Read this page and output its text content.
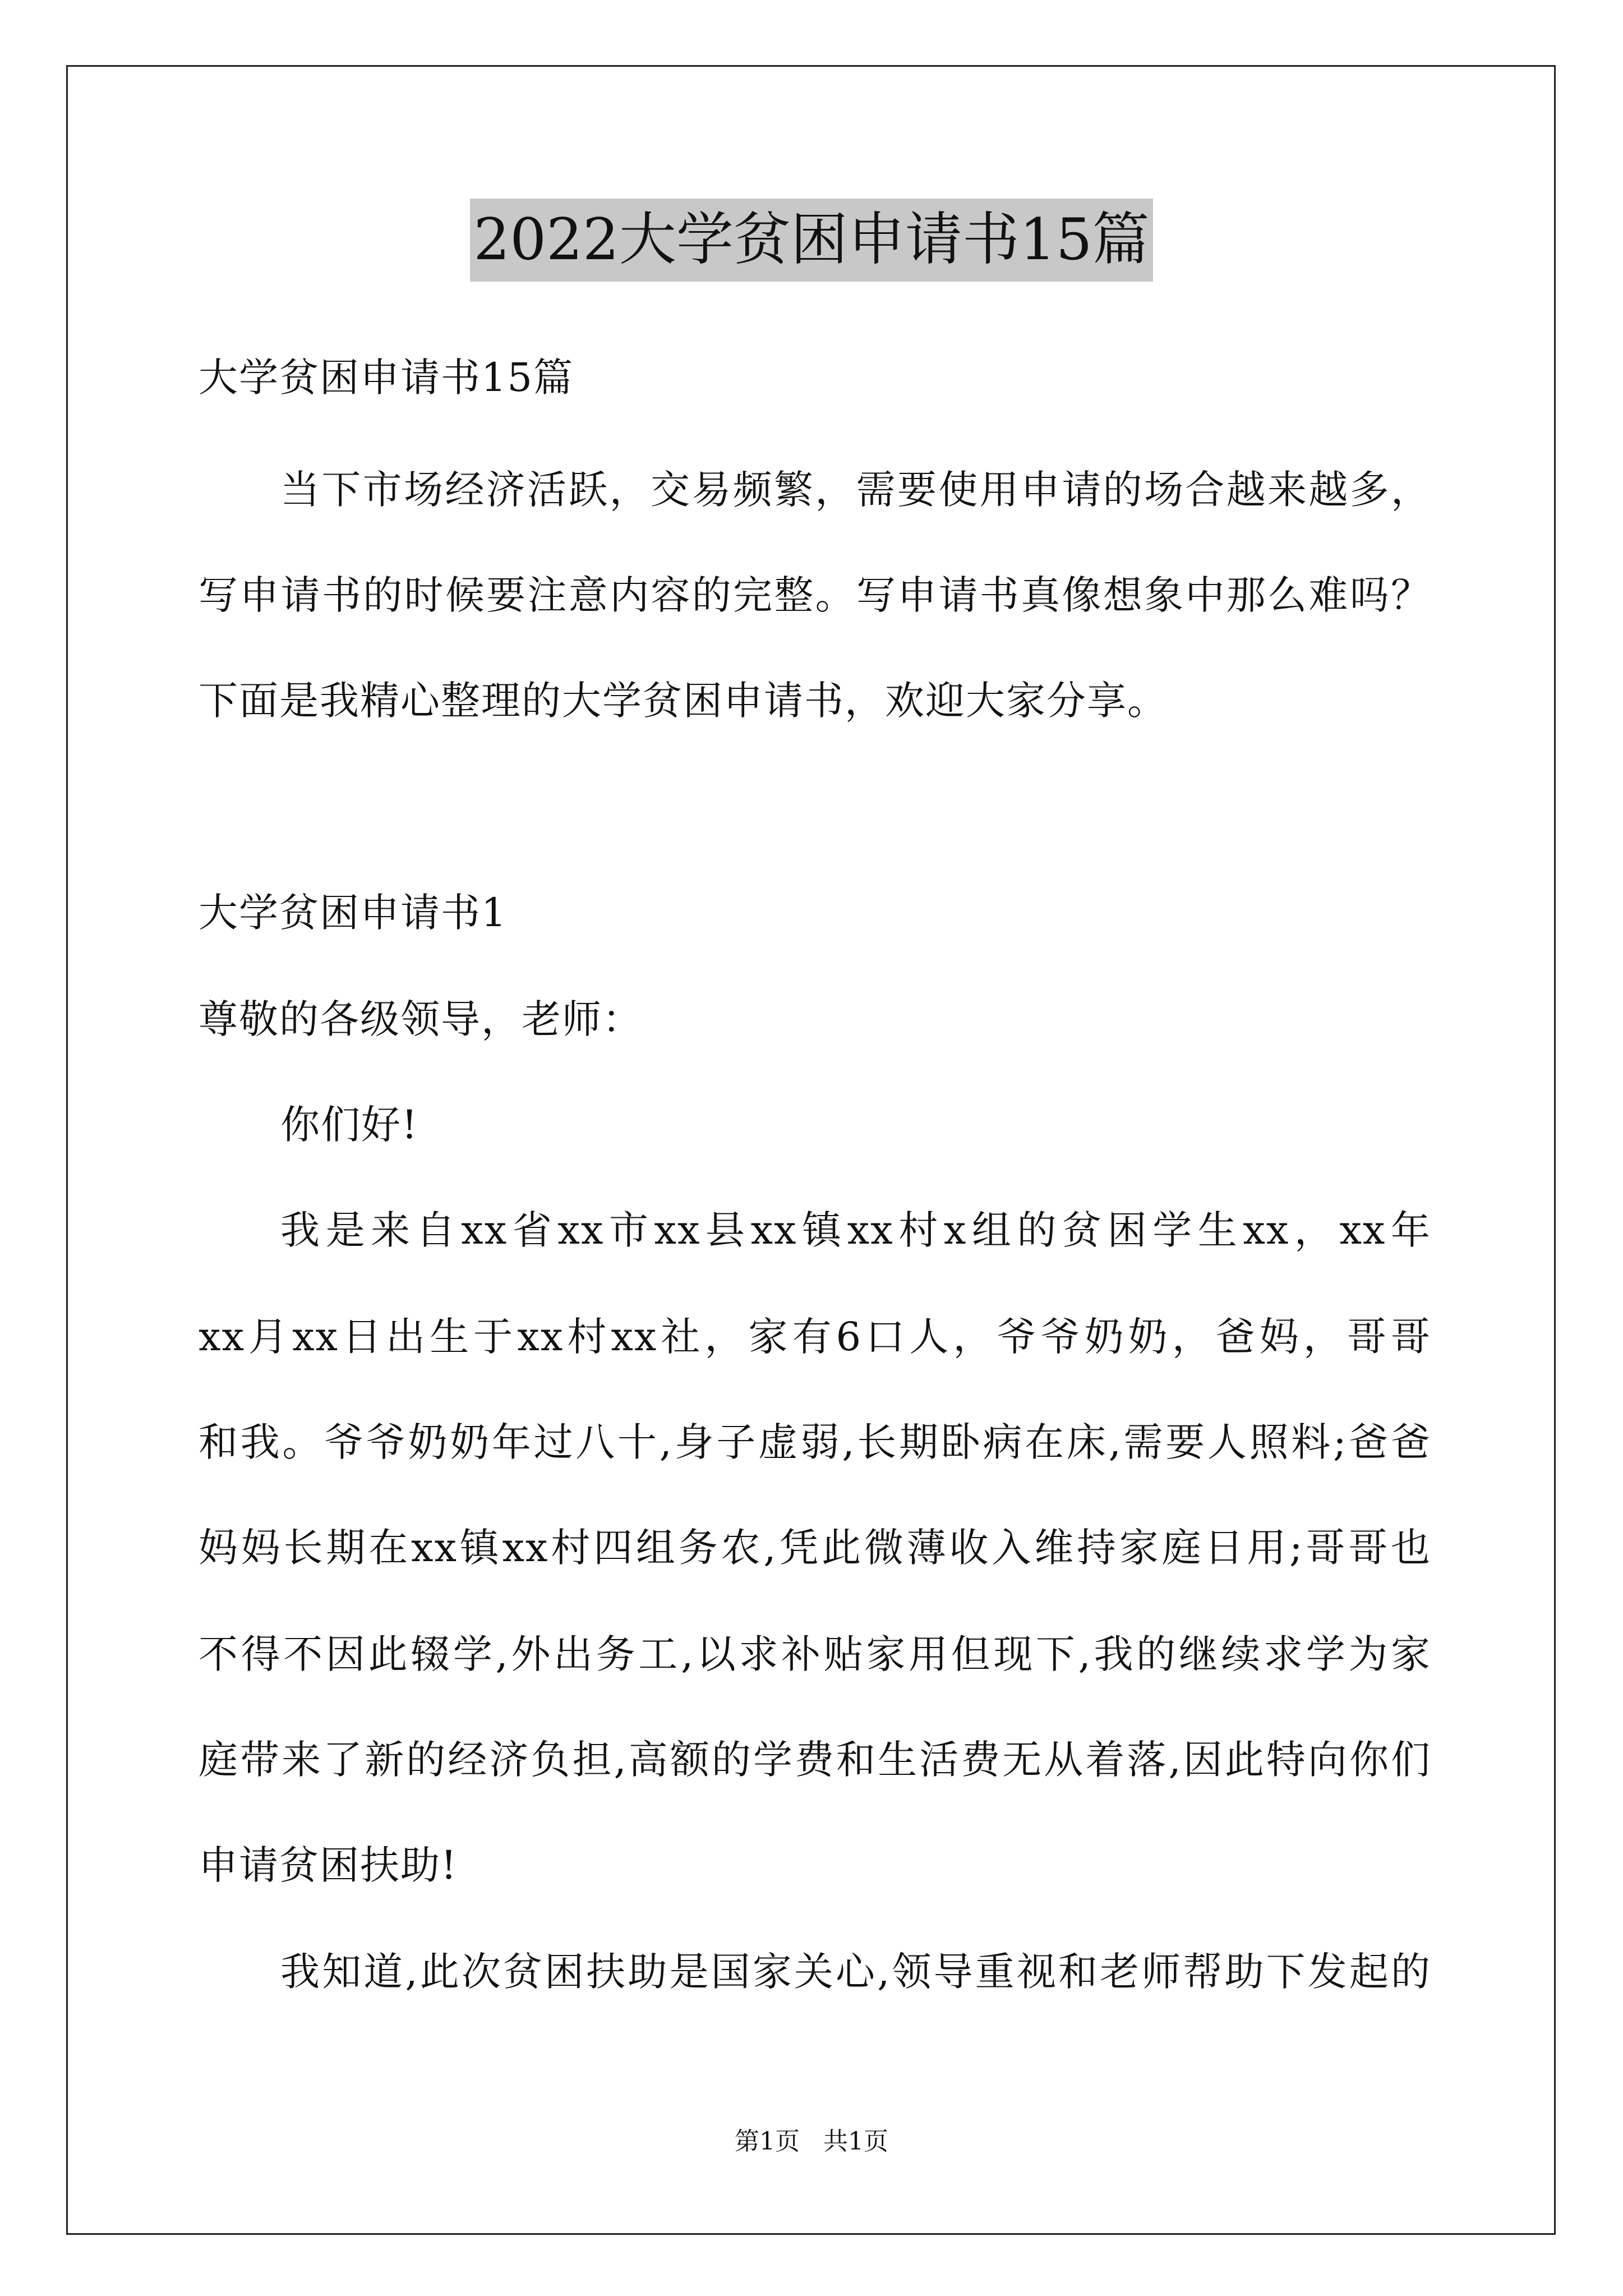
2022大学贫困申请书15篇
大学贫困申请书15篇
当下市场经济活跃，交易频繁，需要使用申请的场合越来越多，
写申请书的时候要注意内容的完整。写申请书真像想象中那么难吗？
下面是我精心整理的大学贫困申请书，欢迎大家分享。
大学贫困申请书1
尊敬的各级领导，老师：
你们好!
我是来自xx省xx市xx县xx镇xx村x组的贫困学生xx，xx年
xx月xx日出生于xx村xx社，家有6口人，爷爷奶奶，爸妈，哥哥
和我。爷爷奶奶年过八十,身子虚弱,长期卧病在床,需要人照料;爸爸
妈妈长期在xx镇xx村四组务农,凭此微薄收入维持家庭日用;哥哥也
不得不因此辍学,外出务工,以求补贴家用但现下,我的继续求学为家
庭带来了新的经济负担,高额的学费和生活费无从着落,因此特向你们
申请贫困扶助!
我知道,此次贫困扶助是国家关心,领导重视和老师帮助下发起的
第1页 共1页
